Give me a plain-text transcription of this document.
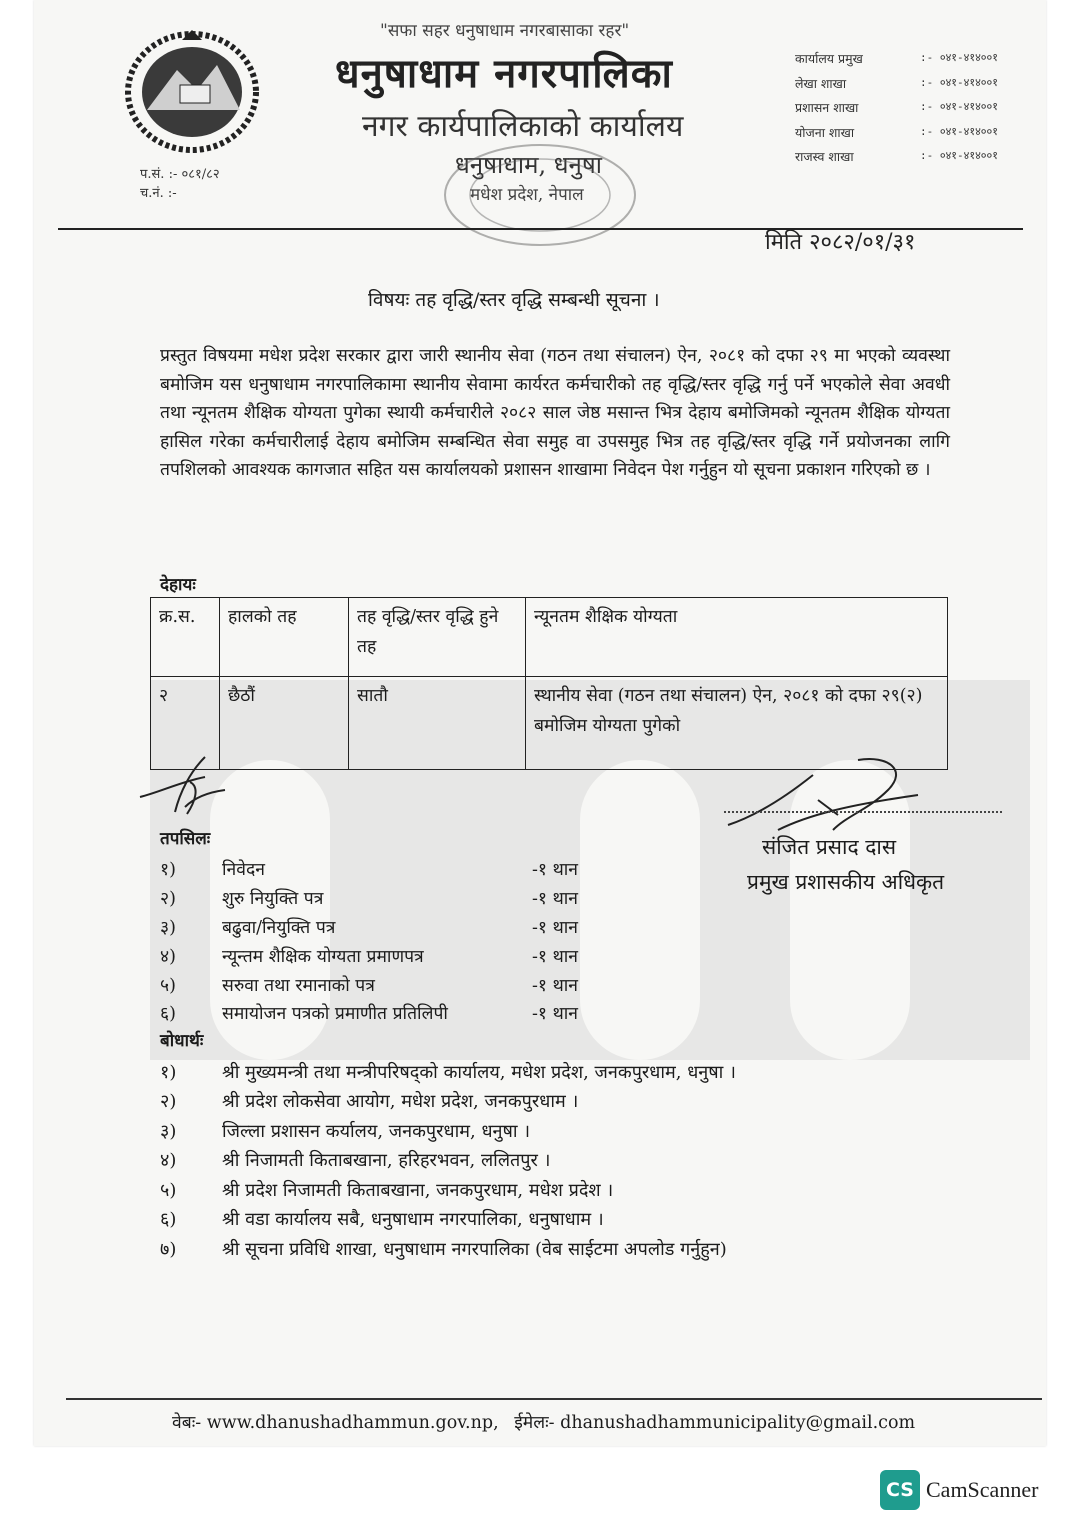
"सफा सहर धनुषाधाम नगरबासाका रहर"
धनुषाधाम नगरपालिका
नगर कार्यपालिकाको कार्यालय
धनुषाधाम, धनुषा
मधेश प्रदेश, नेपाल
कार्यालय प्रमुख	:- ०४१-४१४००१
लेखा शाखा	:- ०४१-४१४००१
प्रशासन शाखा	:- ०४१-४१४००१
योजना शाखा	:- ०४१-४१४००१
राजस्व शाखा	:- ०४१-४१४००१
प.सं. :- ०८१/८२
च.नं. :-
मिति २०८२/०१/३१
विषयः तह वृद्धि/स्तर वृद्धि सम्बन्धी सूचना ।
प्रस्तुत विषयमा मधेश प्रदेश सरकार द्वारा जारी स्थानीय सेवा (गठन तथा संचालन) ऐन, २०८१ को दफा २९ मा भएको व्यवस्था बमोजिम यस धनुषाधाम नगरपालिकामा स्थानीय सेवामा कार्यरत कर्मचारीको तह वृद्धि/स्तर वृद्धि गर्नु पर्ने भएकोले सेवा अवधी तथा न्यूनतम शैक्षिक योग्यता पुगेका स्थायी कर्मचारीले २०८२ साल जेष्ठ मसान्त भित्र देहाय बमोजिमको न्यूनतम शैक्षिक योग्यता हासिल गरेका कर्मचारीलाई देहाय बमोजिम सम्बन्धित सेवा समुह वा उपसमुह भित्र तह वृद्धि/स्तर वृद्धि गर्ने प्रयोजनका लागि तपशिलको आवश्यक कागजात सहित यस कार्यालयको प्रशासन शाखामा निवेदन पेश गर्नुहुन यो सूचना प्रकाशन गरिएको छ ।
देहायः
क्र.स.	हालको तह	तह वृद्धि/स्तर वृद्धि हुने तह	न्यूनतम शैक्षिक योग्यता
२	छैठौं	सातौ	स्थानीय सेवा (गठन तथा संचालन) ऐन, २०८१ को दफा २९(२) बमोजिम योग्यता पुगेको
संजित प्रसाद दास
प्रमुख प्रशासकीय अधिकृत
तपसिलः
१)	निवेदन	-१ थान
२)	शुरु नियुक्ति पत्र	-१ थान
३)	बढुवा/नियुक्ति पत्र	-१ थान
४)	न्यून्तम शैक्षिक योग्यता प्रमाणपत्र	-१ थान
५)	सरुवा तथा रमानाको पत्र	-१ थान
६)	समायोजन पत्रको प्रमाणीत प्रतिलिपी	-१ थान
बोधार्थः
१)	श्री मुख्यमन्त्री तथा मन्त्रीपरिषद्को कार्यालय, मधेश प्रदेश, जनकपुरधाम, धनुषा ।
२)	श्री प्रदेश लोकसेवा आयोग, मधेश प्रदेश, जनकपुरधाम ।
३)	जिल्ला प्रशासन कर्यालय, जनकपुरधाम, धनुषा ।
४)	श्री निजामती किताबखाना, हरिहरभवन, ललितपुर ।
५)	श्री प्रदेश निजामती किताबखाना, जनकपुरधाम, मधेश प्रदेश ।
६)	श्री वडा कार्यालय सबै, धनुषाधाम नगरपालिका, धनुषाधाम ।
७)	श्री सूचना प्रविधि शाखा, धनुषाधाम नगरपालिका (वेब साईटमा अपलोड गर्नुहुन)
वेबः- www.dhanushadhammun.gov.np, ईमेलः- dhanushadhammunicipality@gmail.com
CS CamScanner
